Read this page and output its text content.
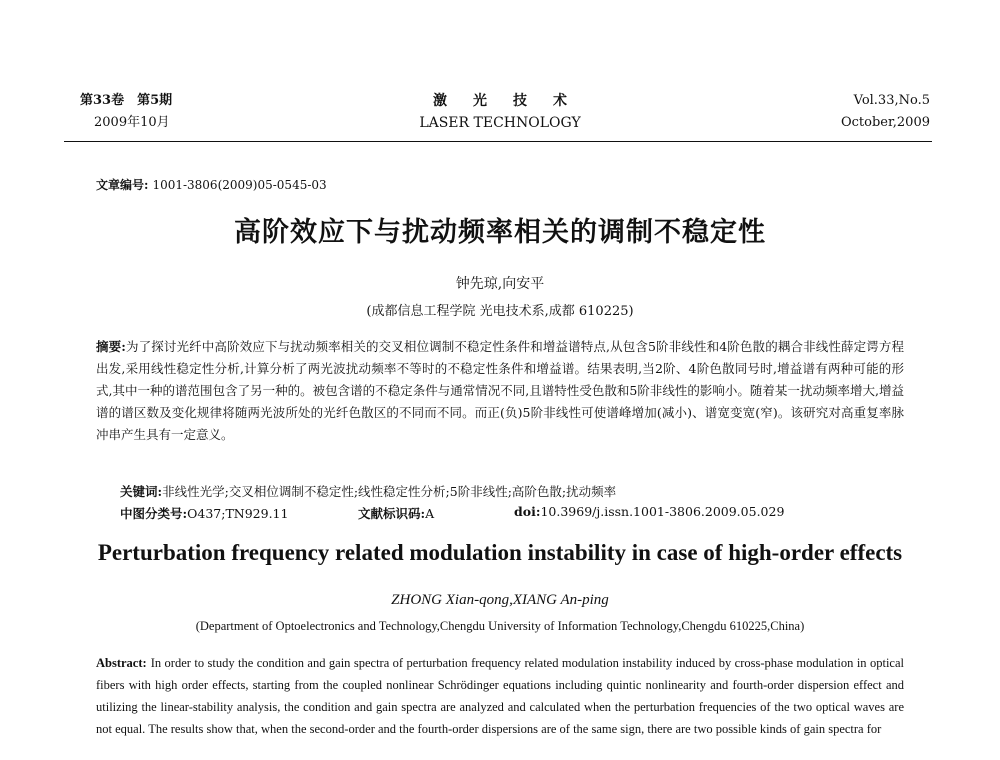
第33卷　第5期
2009年10月
激光技术
LASER TECHNOLOGY
Vol.33,No.5
October,2009
文章编号: 1001-3806(2009)05-0545-03
高阶效应下与扰动频率相关的调制不稳定性
钟先琼,向安平
(成都信息工程学院 光电技术系,成都 610225)
摘要:为了探讨光纤中高阶效应下与扰动频率相关的交叉相位调制不稳定性条件和增益谱特点,从包含5阶非线性和4阶色散的耦合非线性薛定谔方程出发,采用线性稳定性分析,计算分析了两光波扰动频率不等时的不稳定性条件和增益谱。结果表明,当2阶、4阶色散同号时,增益谱有两种可能的形式,其中一种的谱范围包含了另一种的。被包含谱的不稳定条件与通常情况不同,且谱特性受色散和5阶非线性的影响小。随着某一扰动频率增大,增益谱的谱区数及变化规律将随两光波所处的光纤色散区的不同而不同。而正(负)5阶非线性可使谱峰增加(减小)、谱宽变宽(窄)。该研究对高重复率脉冲串产生具有一定意义。
关键词:非线性光学;交叉相位调制不稳定性;线性稳定性分析;5阶非线性;高阶色散;扰动频率
中图分类号:O437;TN929.11	文献标识码:A	doi:10.3969/j.issn.1001-3806.2009.05.029
Perturbation frequency related modulation instability in case of high-order effects
ZHONG Xian-qong,XIANG An-ping
(Department of Optoelectronics and Technology,Chengdu University of Information Technology,Chengdu 610225,China)
Abstract: In order to study the condition and gain spectra of perturbation frequency related modulation instability induced by cross-phase modulation in optical fibers with high order effects, starting from the coupled nonlinear Schrödinger equations including quintic nonlinearity and fourth-order dispersion effect and utilizing the linear-stability analysis, the condition and gain spectra are analyzed and calculated when the perturbation frequencies of the two optical waves are not equal. The results show that, when the second-order and the fourth-order dispersions are of the same sign, there are two possible kinds of gain spectra for
